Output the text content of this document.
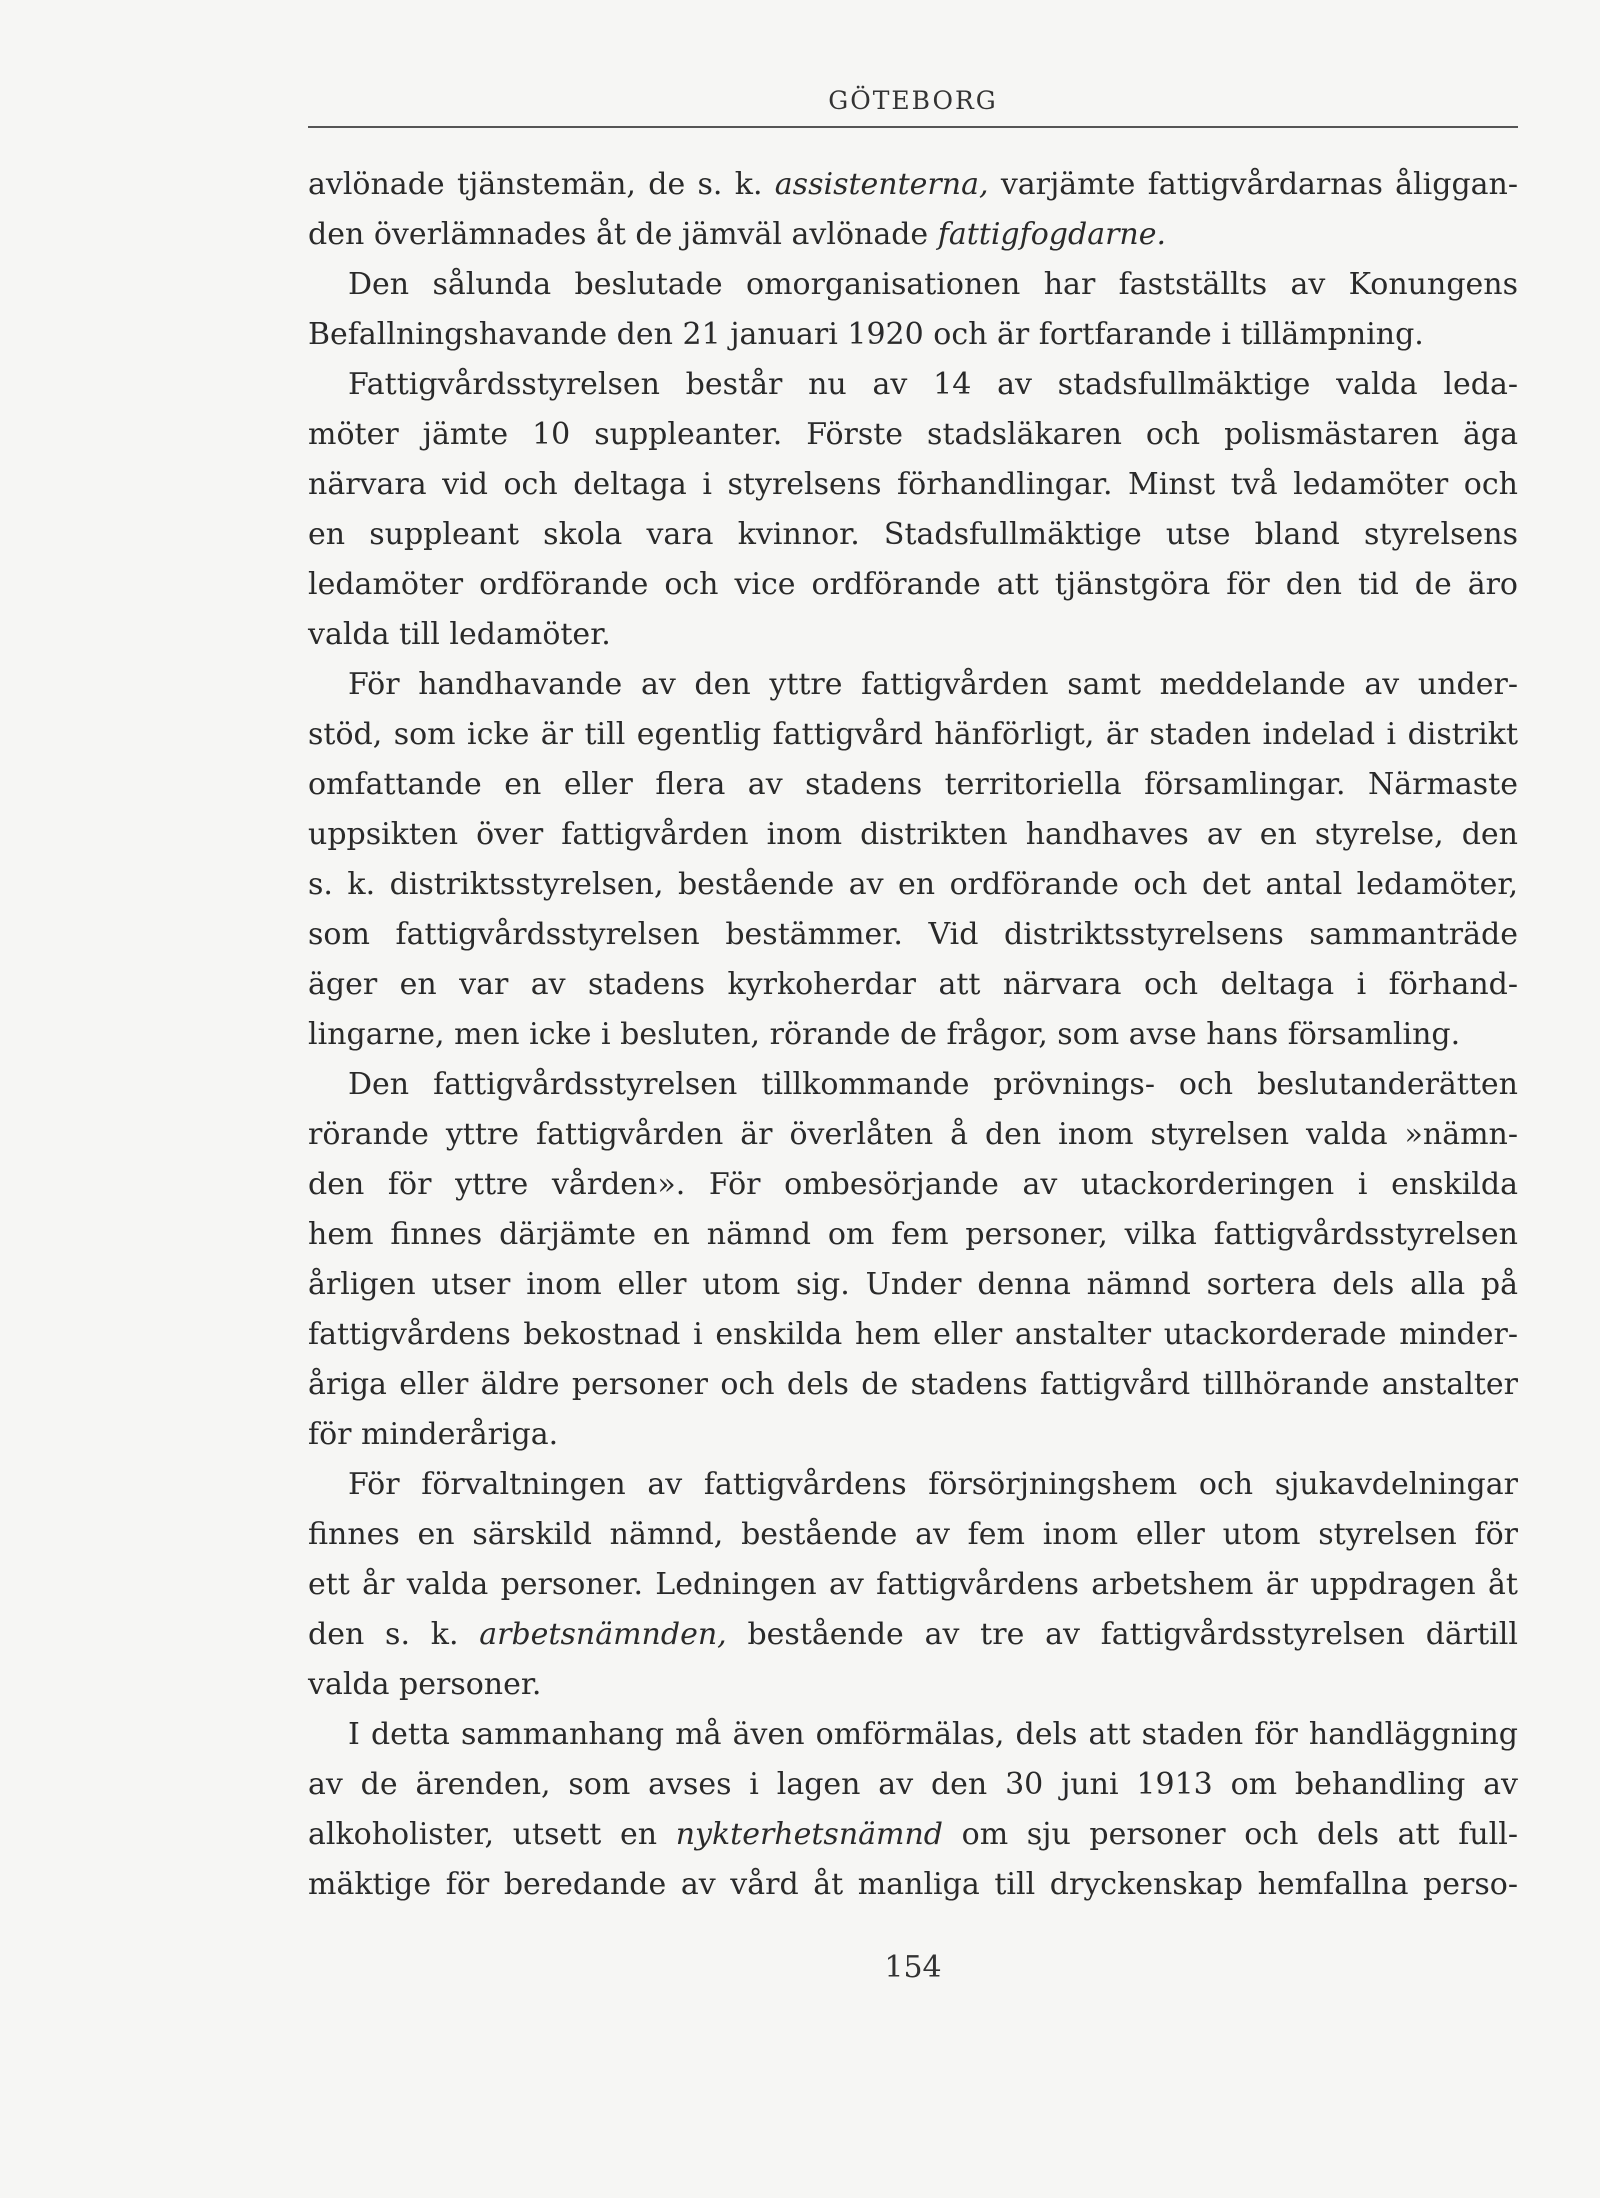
GÖTEBORG
avlönade tjänstemän, de s. k. assistenterna, varjämte fattigvårdarnas åliggan-
den överlämnades åt de jämväl avlönade fattigfogdarne.
Den sålunda beslutade omorganisationen har fastställts av Konungens
Befallningshavande den 21 januari 1920 och är fortfarande i tillämpning.
Fattigvårdsstyrelsen består nu av 14 av stadsfullmäktige valda leda-
möter jämte 10 suppleanter. Förste stadsläkaren och polismästaren äga
närvara vid och deltaga i styrelsens förhandlingar. Minst två ledamöter och
en suppleant skola vara kvinnor. Stadsfullmäktige utse bland styrelsens
ledamöter ordförande och vice ordförande att tjänstgöra för den tid de äro
valda till ledamöter.
För handhavande av den yttre fattigvården samt meddelande av under-
stöd, som icke är till egentlig fattigvård hänförligt, är staden indelad i distrikt
omfattande en eller flera av stadens territoriella församlingar. Närmaste
uppsikten över fattigvården inom distrikten handhaves av en styrelse, den
s. k. distriktsstyrelsen, bestående av en ordförande och det antal ledamöter,
som fattigvårdsstyrelsen bestämmer. Vid distriktsstyrelsens sammanträde
äger en var av stadens kyrkoherdar att närvara och deltaga i förhand-
lingarne, men icke i besluten, rörande de frågor, som avse hans församling.
Den fattigvårdsstyrelsen tillkommande prövnings- och beslutanderätten
rörande yttre fattigvården är överlåten å den inom styrelsen valda »nämn-
den för yttre vården». För ombesörjande av utackorderingen i enskilda
hem finnes därjämte en nämnd om fem personer, vilka fattigvårdsstyrelsen
årligen utser inom eller utom sig. Under denna nämnd sortera dels alla på
fattigvårdens bekostnad i enskilda hem eller anstalter utackorderade minder-
åriga eller äldre personer och dels de stadens fattigvård tillhörande anstalter
för minderåriga.
För förvaltningen av fattigvårdens försörjningshem och sjukavdelningar
finnes en särskild nämnd, bestående av fem inom eller utom styrelsen för
ett år valda personer. Ledningen av fattigvårdens arbetshem är uppdragen åt
den s. k. arbetsnämnden, bestående av tre av fattigvårdsstyrelsen därtill
valda personer.
I detta sammanhang må även omförmälas, dels att staden för handläggning
av de ärenden, som avses i lagen av den 30 juni 1913 om behandling av
alkoholister, utsett en nykterhetsnämnd om sju personer och dels att full-
mäktige för beredande av vård åt manliga till dryckenskap hemfallna perso-
154
